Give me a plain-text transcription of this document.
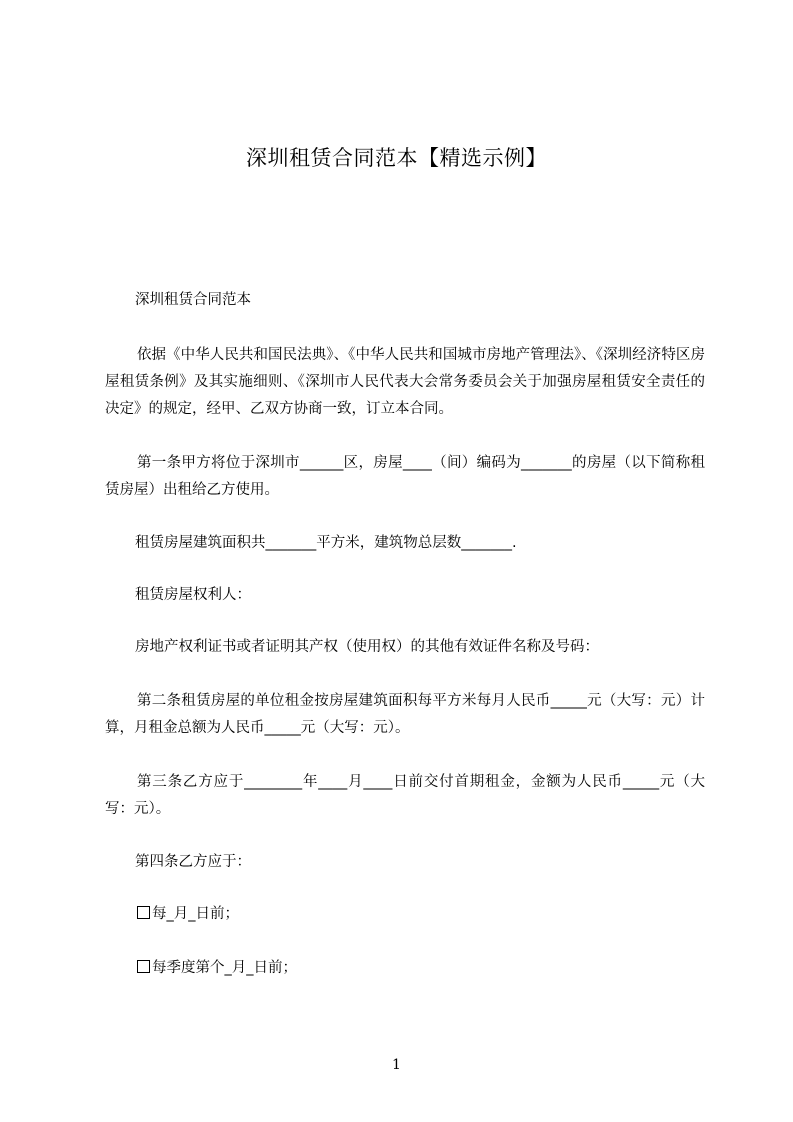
深圳租赁合同范本【精选示例】

深圳租赁合同范本

依据《中华人民共和国民法典》、《中华人民共和国城市房地产管理法》、《深圳经济特区房屋租赁条例》及其实施细则、《深圳市人民代表大会常务委员会关于加强房屋租赁安全责任的决定》的规定，经甲、乙双方协商一致，订立本合同。

第一条甲方将位于深圳市______区，房屋____（间）编码为_______的房屋（以下简称租赁房屋）出租给乙方使用。

租赁房屋建筑面积共_______平方米，建筑物总层数_______.

租赁房屋权利人：

房地产权利证书或者证明其产权（使用权）的其他有效证件名称及号码：

第二条租赁房屋的单位租金按房屋建筑面积每平方米每月人民币_____元（大写：元）计算，月租金总额为人民币_____元（大写：元）。

第三条乙方应于________年____月____日前交付首期租金，金额为人民币_____元（大写：元）。

第四条乙方应于：

每_月_日前；

每季度第个_月_日前；

1
